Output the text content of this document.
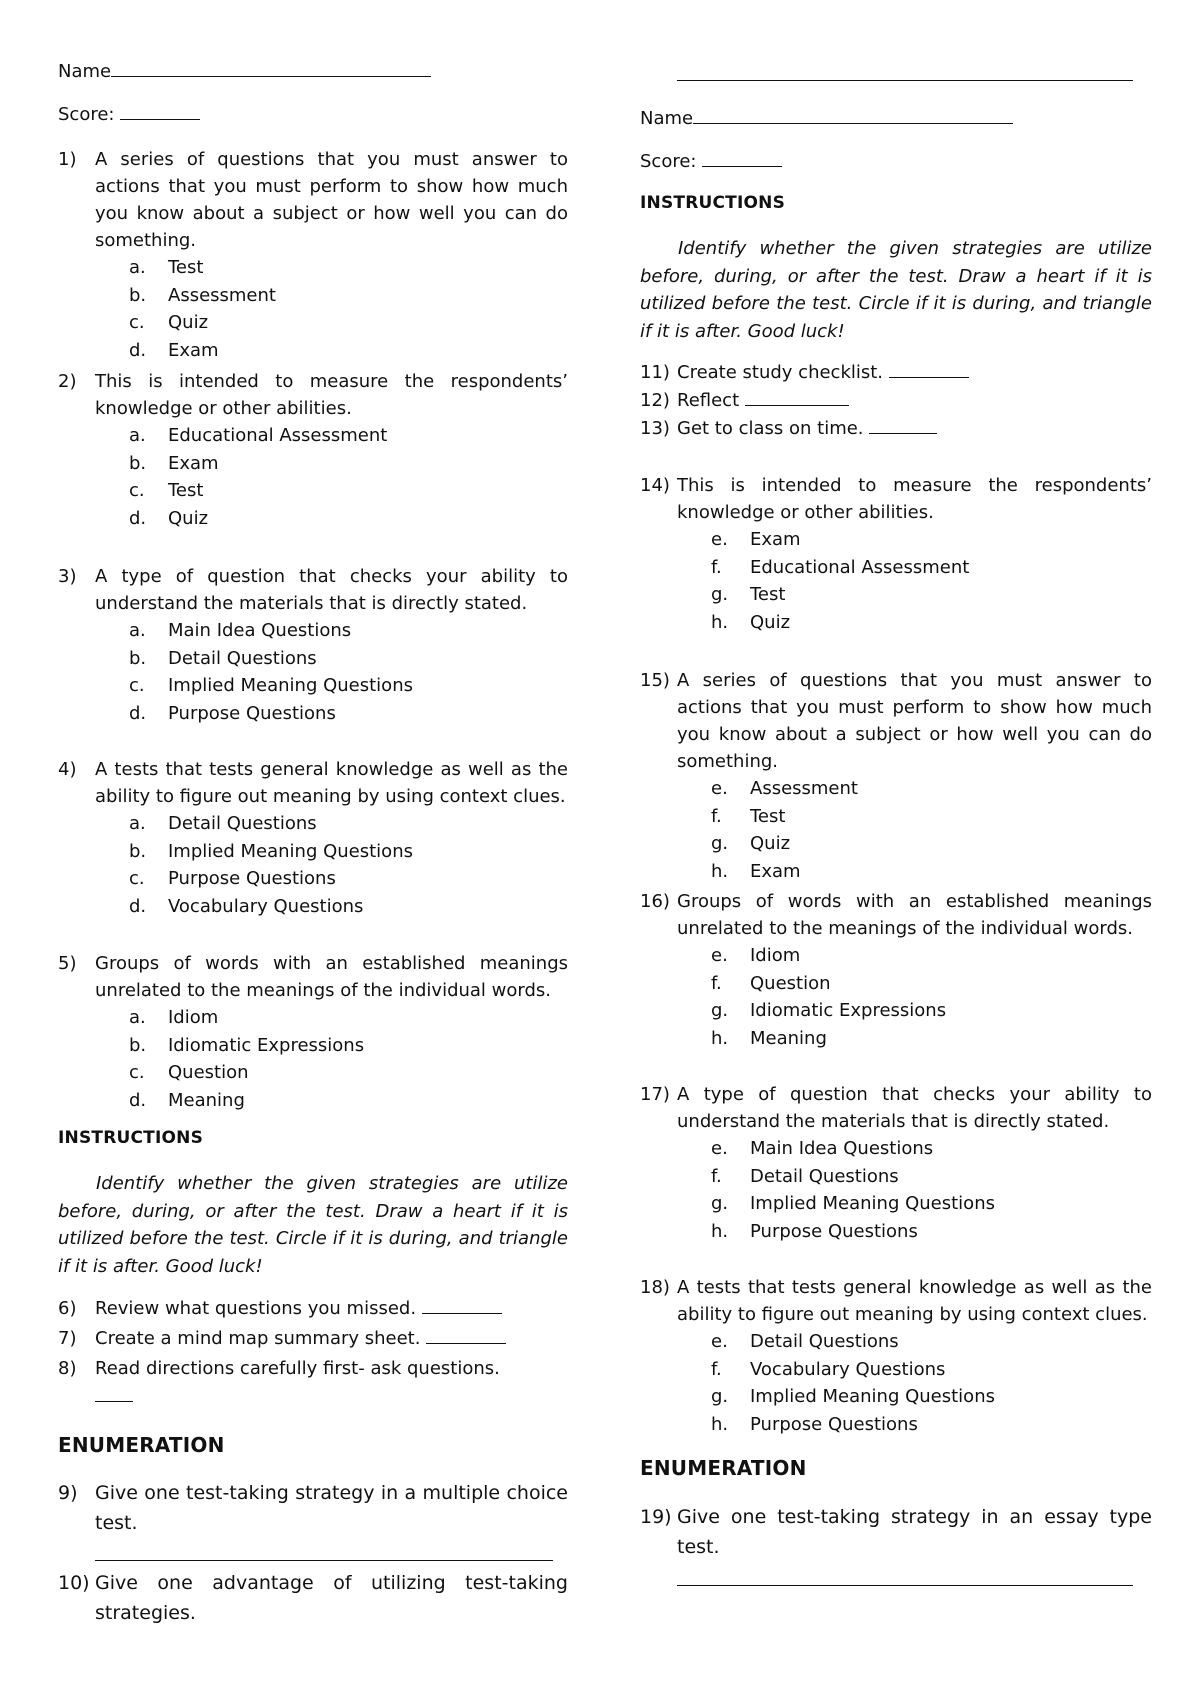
Name
Score:
1) A series of questions that you must answer to actions that you must perform to show how much you know about a subject or how well you can do something.
a. Test
b. Assessment
c. Quiz
d. Exam
2) This is intended to measure the respondents’ knowledge or other abilities.
a. Educational Assessment
b. Exam
c. Test
d. Quiz
3) A type of question that checks your ability to understand the materials that is directly stated.
a. Main Idea Questions
b. Detail Questions
c. Implied Meaning Questions
d. Purpose Questions
4) A tests that tests general knowledge as well as the ability to figure out meaning by using context clues.
a. Detail Questions
b. Implied Meaning Questions
c. Purpose Questions
d. Vocabulary Questions
5) Groups of words with an established meanings unrelated to the meanings of the individual words.
a. Idiom
b. Idiomatic Expressions
c. Question
d. Meaning
INSTRUCTIONS
Identify whether the given strategies are utilize before, during, or after the test. Draw a heart if it is utilized before the test. Circle if it is during, and triangle if it is after. Good luck!
6) Review what questions you missed.
7) Create a mind map summary sheet.
8) Read directions carefully first- ask questions.

ENUMERATION
9) Give one test-taking strategy in a multiple choice test.
10) Give one advantage of utilizing test-taking strategies.
Name
Score:
INSTRUCTIONS
Identify whether the given strategies are utilize before, during, or after the test. Draw a heart if it is utilized before the test. Circle if it is during, and triangle if it is after. Good luck!
11) Create study checklist.
12) Reflect
13) Get to class on time.
14) This is intended to measure the respondents’ knowledge or other abilities.
e. Exam
f. Educational Assessment
g. Test
h. Quiz
15) A series of questions that you must answer to actions that you must perform to show how much you know about a subject or how well you can do something.
e. Assessment
f. Test
g. Quiz
h. Exam
16) Groups of words with an established meanings unrelated to the meanings of the individual words.
e. Idiom
f. Question
g. Idiomatic Expressions
h. Meaning
17) A type of question that checks your ability to understand the materials that is directly stated.
e. Main Idea Questions
f. Detail Questions
g. Implied Meaning Questions
h. Purpose Questions
18) A tests that tests general knowledge as well as the ability to figure out meaning by using context clues.
e. Detail Questions
f. Vocabulary Questions
g. Implied Meaning Questions
h. Purpose Questions
ENUMERATION
19) Give one test-taking strategy in an essay type test.
